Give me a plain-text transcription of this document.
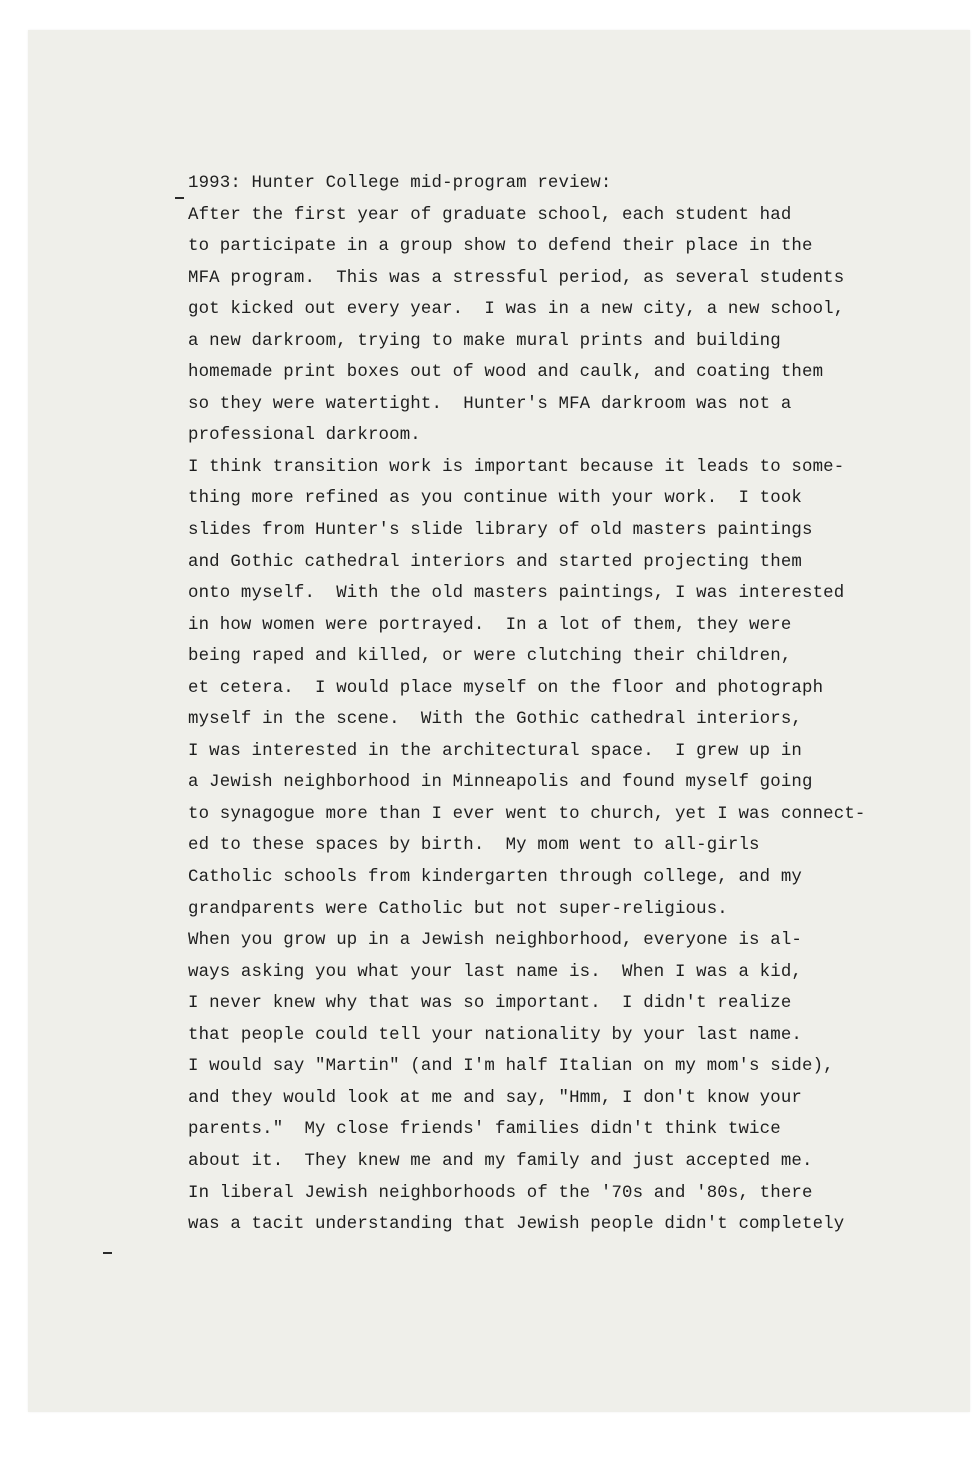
1993: Hunter College mid-program review:
After the first year of graduate school, each student had
to participate in a group show to defend their place in the
MFA program.  This was a stressful period, as several students
got kicked out every year.  I was in a new city, a new school,
a new darkroom, trying to make mural prints and building
homemade print boxes out of wood and caulk, and coating them
so they were watertight.  Hunter's MFA darkroom was not a
professional darkroom.
I think transition work is important because it leads to some-
thing more refined as you continue with your work.  I took
slides from Hunter's slide library of old masters paintings
and Gothic cathedral interiors and started projecting them
onto myself.  With the old masters paintings, I was interested
in how women were portrayed.  In a lot of them, they were
being raped and killed, or were clutching their children,
et cetera.  I would place myself on the floor and photograph
myself in the scene.  With the Gothic cathedral interiors,
I was interested in the architectural space.  I grew up in
a Jewish neighborhood in Minneapolis and found myself going
to synagogue more than I ever went to church, yet I was connect-
ed to these spaces by birth.  My mom went to all-girls
Catholic schools from kindergarten through college, and my
grandparents were Catholic but not super-religious.
When you grow up in a Jewish neighborhood, everyone is al-
ways asking you what your last name is.  When I was a kid,
I never knew why that was so important.  I didn't realize
that people could tell your nationality by your last name.
I would say "Martin" (and I'm half Italian on my mom's side),
and they would look at me and say, "Hmm, I don't know your
parents."  My close friends' families didn't think twice
about it.  They knew me and my family and just accepted me.
In liberal Jewish neighborhoods of the '70s and '80s, there
was a tacit understanding that Jewish people didn't completely
